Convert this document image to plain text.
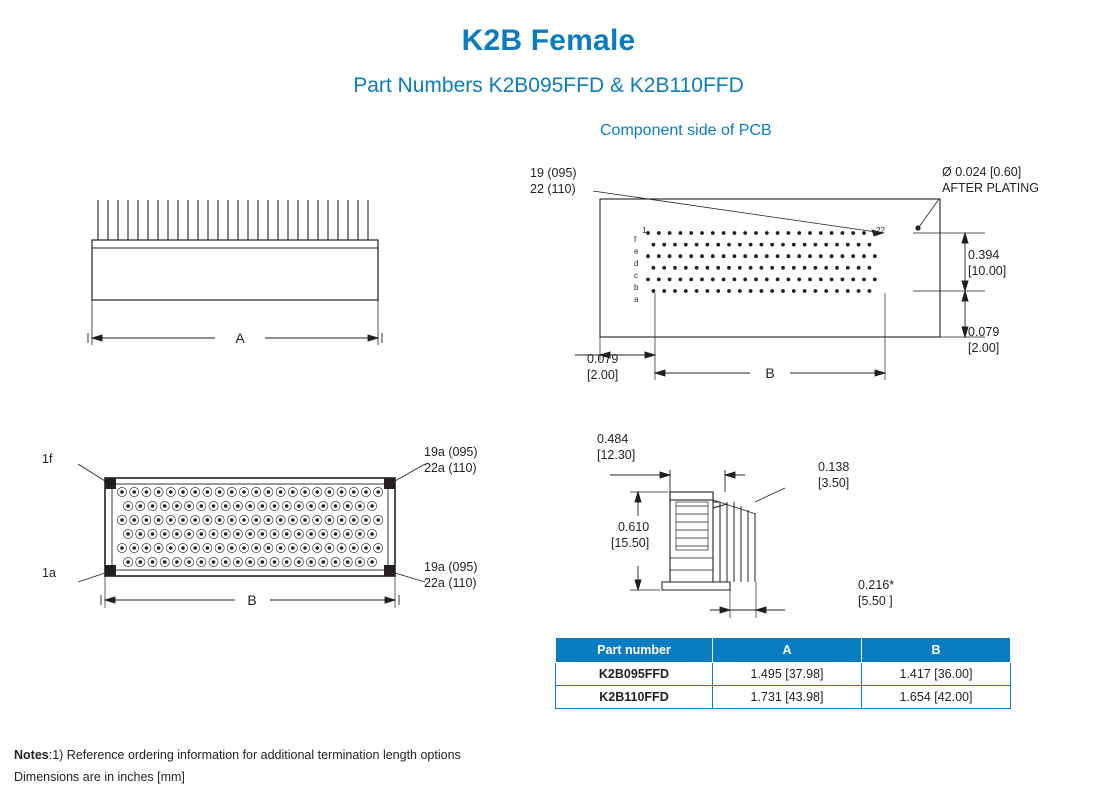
K2B Female
Part Numbers K2B095FFD & K2B110FFD
Component side of PCB
A
B
1f
1a
19a (095)
22a (110)
19a (095)
22a (110)
B
19 (095)
22 (110)
Ø 0.024 [0.60]
AFTER PLATING
0.394
[10.00]
0.079
[2.00]
0.079
[2.00]
1
f
e
d
c
b
a
22
0.484
[12.30]
0.610
[15.50]
0.138
[3.50]
0.216*
[5.50 ]
Part number	A	B
K2B095FFD	1.495 [37.98]	1.417 [36.00]
K2B110FFD	1.731 [43.98]	1.654 [42.00]
Notes:1) Reference ordering information for additional termination length options
Dimensions are in inches [mm]
